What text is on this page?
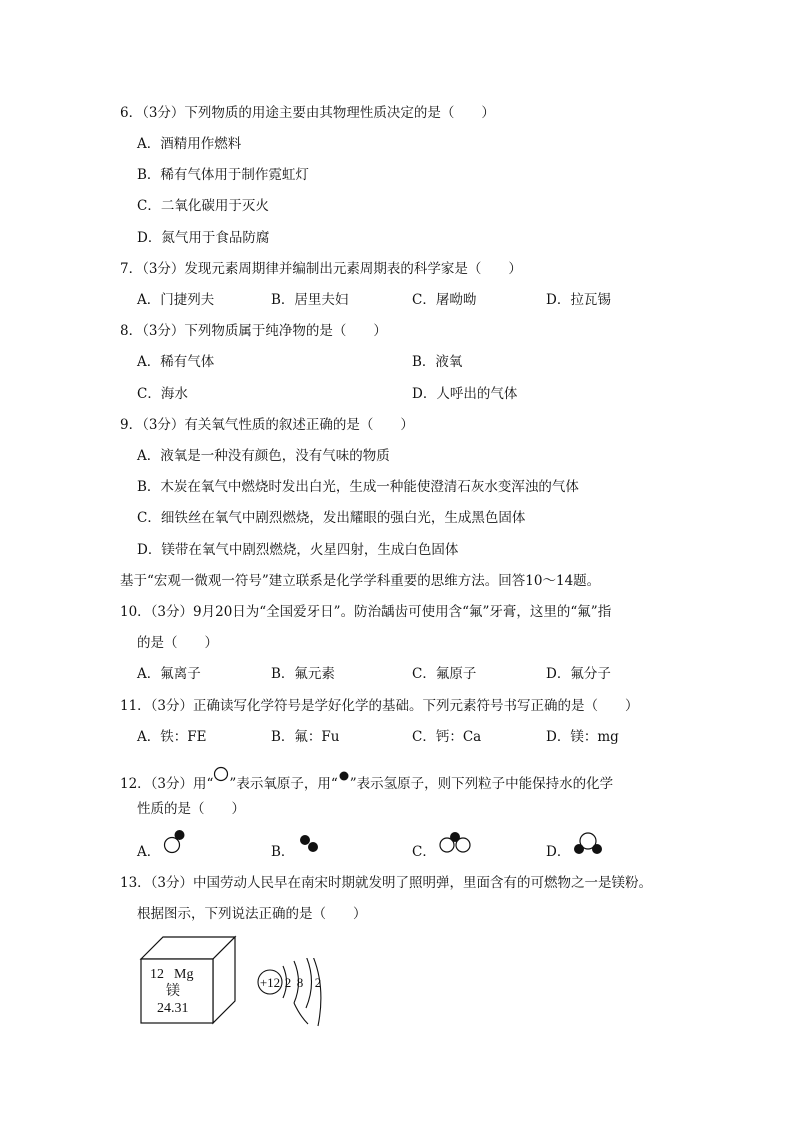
6．（3分）下列物质的用途主要由其物理性质决定的是（　　）
A．酒精用作燃料
B．稀有气体用于制作霓虹灯
C．二氧化碳用于灭火
D．氮气用于食品防腐
7．（3分）发现元素周期律并编制出元素周期表的科学家是（　　）
A．门捷列夫	B．居里夫妇	C．屠呦呦	D．拉瓦锡
8．（3分）下列物质属于纯净物的是（　　）
A．稀有气体	B．液氧
C．海水	D．人呼出的气体
9．（3分）有关氧气性质的叙述正确的是（　　）
A．液氧是一种没有颜色，没有气味的物质
B．木炭在氧气中燃烧时发出白光，生成一种能使澄清石灰水变浑浊的气体
C．细铁丝在氧气中剧烈燃烧，发出耀眼的强白光，生成黑色固体
D．镁带在氧气中剧烈燃烧，火星四射，生成白色固体
基于“宏观一微观一符号”建立联系是化学学科重要的思维方法。回答10～14题。
10．（3分）9月20日为“全国爱牙日”。防治龋齿可使用含“氟”牙膏，这里的“氟”指
的是（　　）
A．氟离子	B．氟元素	C．氟原子	D．氟分子
11．（3分）正确读写化学符号是学好化学的基础。下列元素符号书写正确的是（　　）
A．铁：FE	B．氟：Fu	C．钙：Ca	D．镁：mg
12．（3分）用“ ”表示氧原子，用“ ”表示氢原子，则下列粒子中能保持水的化学
性质的是（　　）
A．	B．	C．	D．
13．（3分）中国劳动人民早在南宋时期就发明了照明弹，里面含有的可燃物之一是镁粉。
根据图示，下列说法正确的是（　　）
12 Mg
镁
24.31
+12 2 8 2
